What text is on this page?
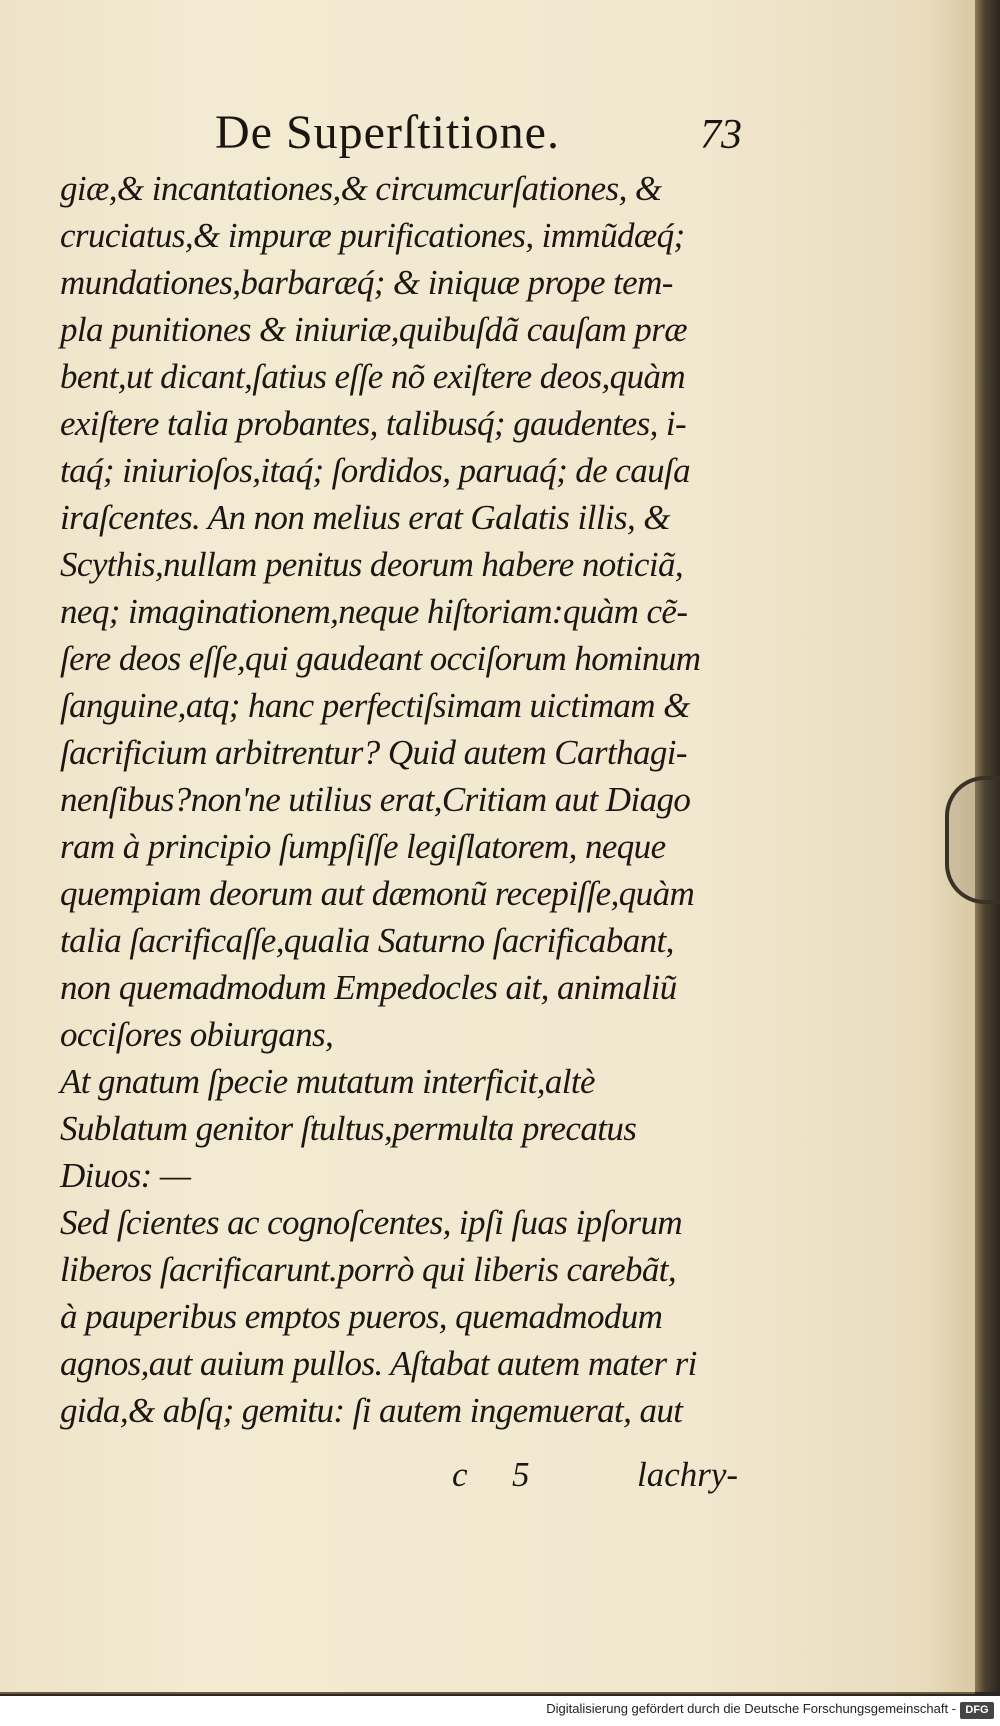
De Superſtitione.	73
giæ,& incantationes,& circumcurſationes, &
cruciatus,& impuræ purificationes, immũdæq́;
mundationes,barbaræq́; & iniquæ prope tem-
pla punitiones & iniuriæ,quibuſdã cauſam præ
bent,ut dicant,ſatius eſſe nõ exiſtere deos,quàm
exiſtere talia probantes, talibusq́; gaudentes, i-
taq́; iniurioſos,itaq́; ſordidos, paruaq́; de cauſa
iraſcentes. An non melius erat Galatis illis, &
Scythis,nullam penitus deorum habere noticiã,
neq; imaginationem,neque hiſtoriam:quàm cẽ-
ſere deos eſſe,qui gaudeant occiſorum hominum
ſanguine,atq; hanc perfectiſsimam uictimam &
ſacrificium arbitrentur? Quid autem Carthagi-
nenſibus?non'ne utilius erat,Critiam aut Diago
ram à principio ſumpſiſſe legiſlatorem, neque
quempiam deorum aut dæmonũ recepiſſe,quàm
talia ſacrificaſſe,qualia Saturno ſacrificabant,
non quemadmodum Empedocles ait, animaliũ
occiſores obiurgans,
At gnatum ſpecie mutatum interficit,altè
Sublatum genitor ſtultus,permulta precatus
Diuos: —
Sed ſcientes ac cognoſcentes, ipſi ſuas ipſorum
liberos ſacrificarunt.porrò qui liberis carebãt,
à pauperibus emptos pueros, quemadmodum
agnos,aut auium pullos. Aſtabat autem mater ri
gida,& abſq; gemitu: ſi autem ingemuerat, aut
c 5	lachry-
Digitalisierung gefördert durch die Deutsche Forschungsgemeinschaft - DFG
